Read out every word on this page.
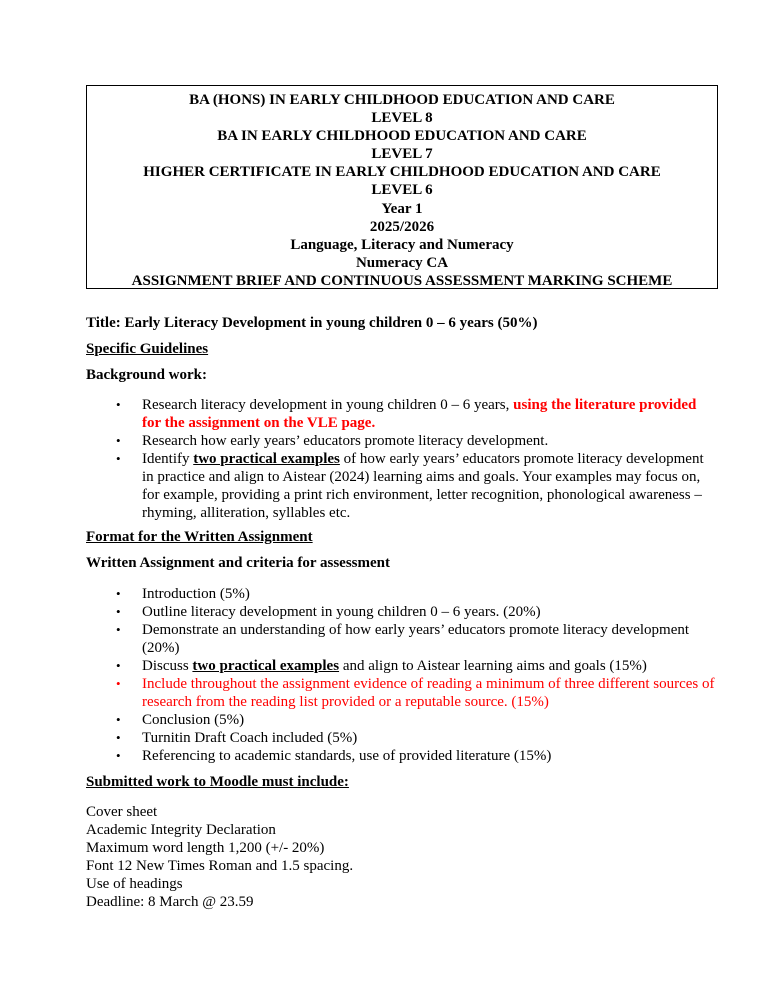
BA (HONS) IN EARLY CHILDHOOD EDUCATION AND CARE
LEVEL 8
BA IN EARLY CHILDHOOD EDUCATION AND CARE
LEVEL 7
HIGHER CERTIFICATE IN EARLY CHILDHOOD EDUCATION AND CARE
LEVEL 6
Year 1
2025/2026
Language, Literacy and Numeracy
Numeracy CA
ASSIGNMENT BRIEF AND CONTINUOUS ASSESSMENT MARKING SCHEME

Title: Early Literacy Development in young children 0 – 6 years (50%)

Specific Guidelines

Background work:

• Research literacy development in young children 0 – 6 years, using the literature provided for the assignment on the VLE page.
• Research how early years’ educators promote literacy development.
• Identify two practical examples of how early years’ educators promote literacy development in practice and align to Aistear (2024) learning aims and goals. Your examples may focus on, for example, providing a print rich environment, letter recognition, phonological awareness – rhyming, alliteration, syllables etc.

Format for the Written Assignment

Written Assignment and criteria for assessment

• Introduction (5%)
• Outline literacy development in young children 0 – 6 years. (20%)
• Demonstrate an understanding of how early years’ educators promote literacy development (20%)
• Discuss two practical examples and align to Aistear learning aims and goals (15%)
• Include throughout the assignment evidence of reading a minimum of three different sources of research from the reading list provided or a reputable source. (15%)
• Conclusion (5%)
• Turnitin Draft Coach included (5%)
• Referencing to academic standards, use of provided literature (15%)

Submitted work to Moodle must include:

Cover sheet
Academic Integrity Declaration
Maximum word length 1,200 (+/- 20%)
Font 12 New Times Roman and 1.5 spacing.
Use of headings
Deadline: 8 March @ 23.59
